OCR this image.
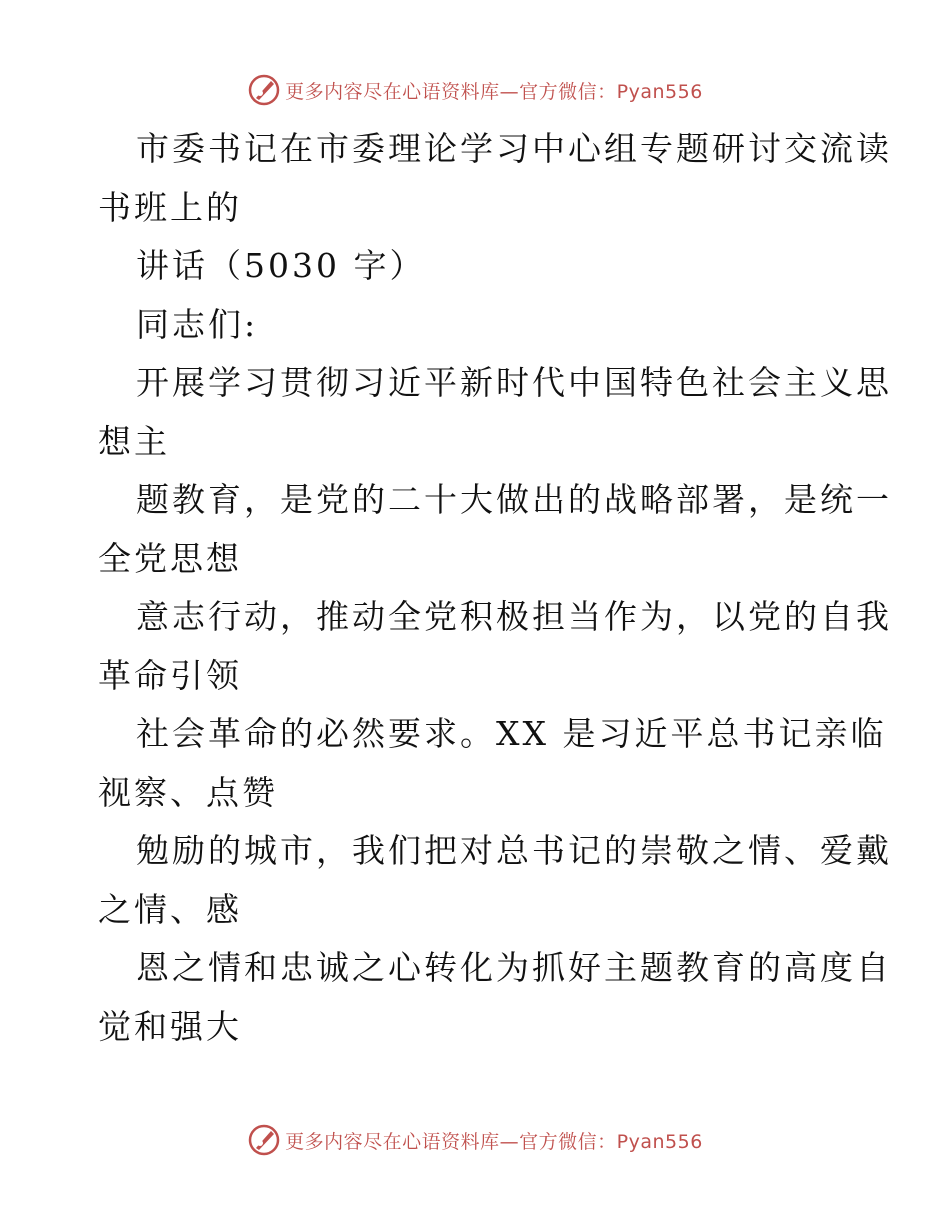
更多内容尽在心语资料库—官方微信：Pyan556
市委书记在市委理论学习中心组专题研讨交流读
书班上的
讲话（5030 字）
同志们:
开展学习贯彻习近平新时代中国特色社会主义思
想主
题教育，是党的二十大做出的战略部署，是统一
全党思想
意志行动，推动全党积极担当作为，以党的自我
革命引领
社会革命的必然要求。XX 是习近平总书记亲临
视察、点赞
勉励的城市，我们把对总书记的崇敬之情、爱戴
之情、感
恩之情和忠诚之心转化为抓好主题教育的高度自
觉和强大
更多内容尽在心语资料库—官方微信：Pyan556
